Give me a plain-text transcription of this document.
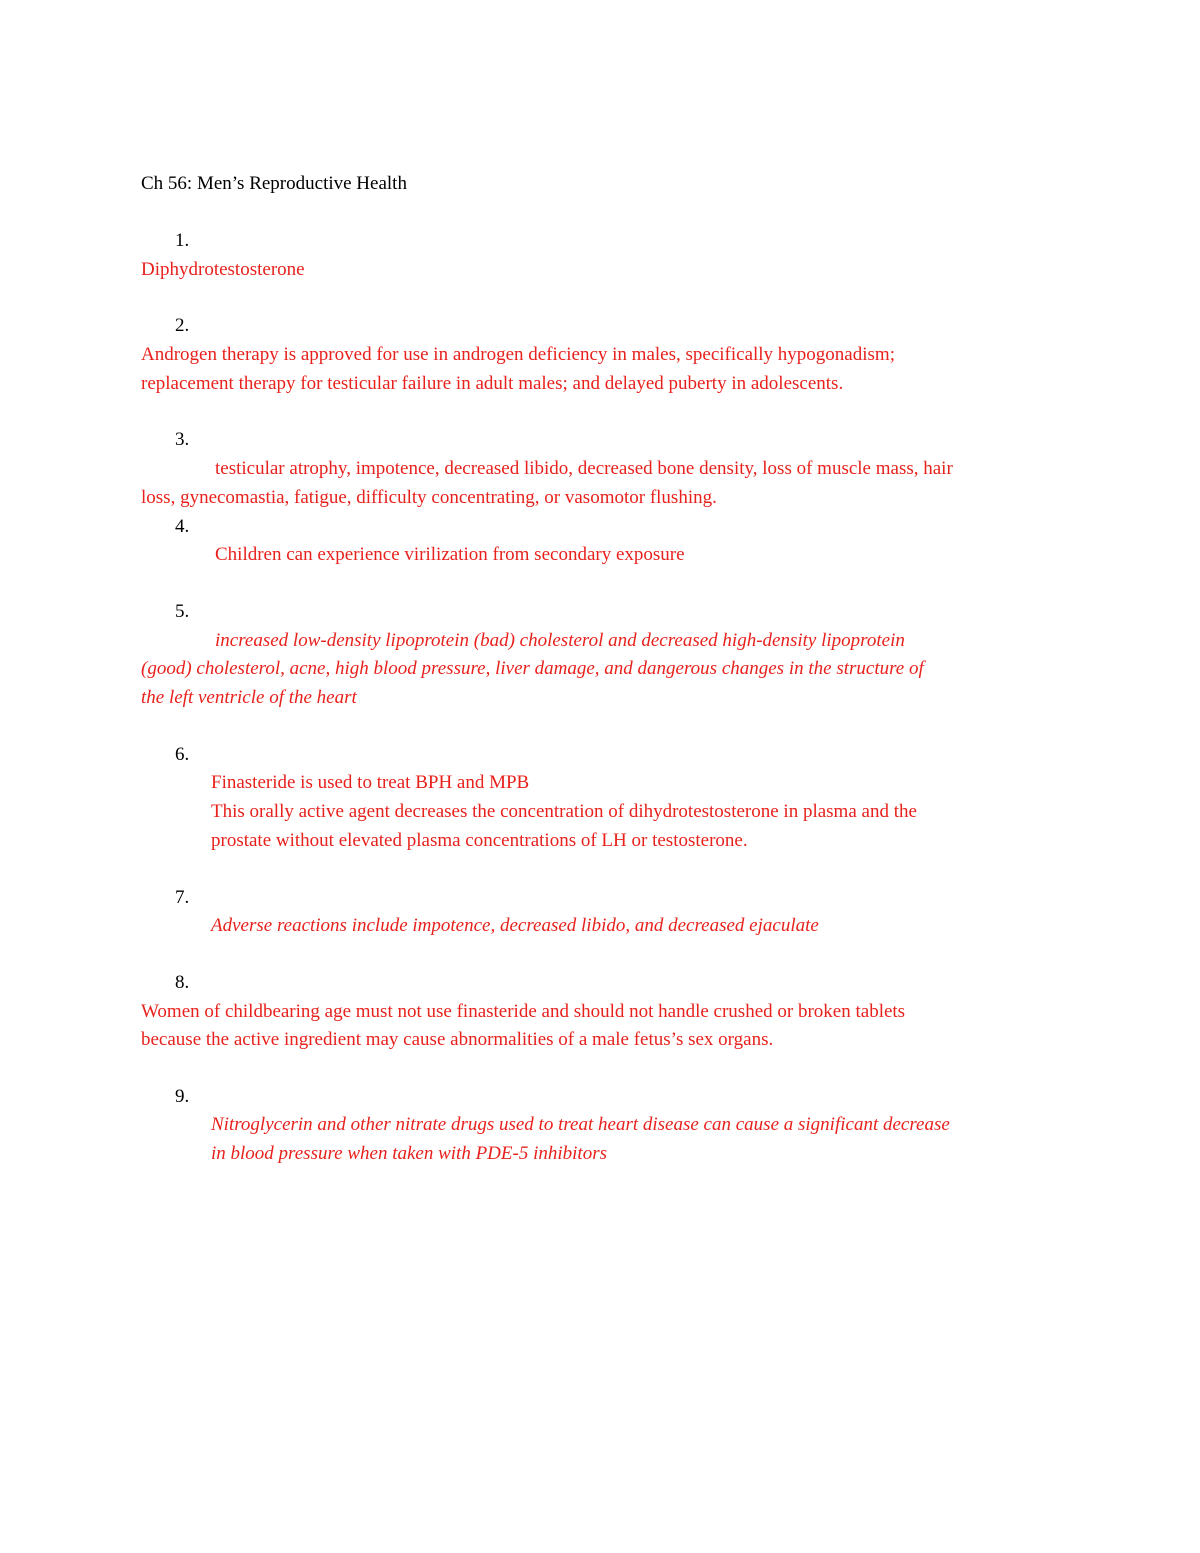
Ch 56: Men’s Reproductive Health
1.
Diphydrotestosterone
2.
Androgen therapy is approved for use in androgen deficiency in males, specifically hypogonadism;
replacement therapy for testicular failure in adult males; and delayed puberty in adolescents.
3.
testicular atrophy, impotence, decreased libido, decreased bone density, loss of muscle mass, hair
loss, gynecomastia, fatigue, difficulty concentrating, or vasomotor flushing.
4.
Children can experience virilization from secondary exposure
5.
increased low-density lipoprotein (bad) cholesterol and decreased high-density lipoprotein
(good) cholesterol, acne, high blood pressure, liver damage, and dangerous changes in the structure of
the left ventricle of the heart
6.
Finasteride is used to treat BPH and MPB
This orally active agent decreases the concentration of dihydrotestosterone in plasma and the
prostate without elevated plasma concentrations of LH or testosterone.
7.
Adverse reactions include impotence, decreased libido, and decreased ejaculate
8.
Women of childbearing age must not use finasteride and should not handle crushed or broken tablets
because the active ingredient may cause abnormalities of a male fetus’s sex organs.
9.
Nitroglycerin and other nitrate drugs used to treat heart disease can cause a significant decrease
in blood pressure when taken with PDE-5 inhibitors
